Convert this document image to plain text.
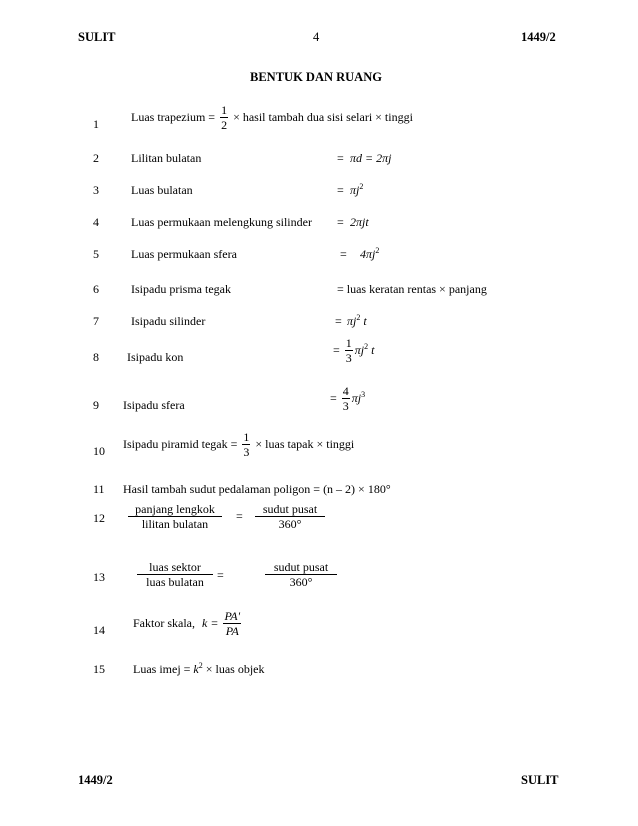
SULIT	4	1449/2
BENTUK DAN RUANG
1	Luas trapezium = $\frac{1}{2}$ × hasil tambah dua sisi selari × tinggi
2	Lilitan bulatan	= πd = 2πj
3	Luas bulatan	= $\pi j^2$
4	Luas permukaan melengkung silinder = 2πjt
5	Luas permukaan sfera	= $4\pi j^2$
6	Isipadu prisma tegak	= luas keratan rentas × panjang
7	Isipadu silinder	= $\pi j^2$ t
8 Isipadu kon	= $\frac{1}{3} \pi j^2$ t
9 Isipadu sfera	= $\frac{4}{3} \pi j^3$
10 Isipadu piramid tegak = $\frac{1}{3}$ × luas tapak × tinggi
11 Hasil tambah sudut pedalaman poligon = (n – 2) × 180°
12
panjang lengkok
lilitan bulatan
=	sudut pusat
360°
13
luas sektor
luas bulatan	=
sudut pusat
360°
14 Faktor skala, $k = \frac{PA'}{PA}$
15 Luas imej = $k^2$ × luas objek
1449/2	SULIT
